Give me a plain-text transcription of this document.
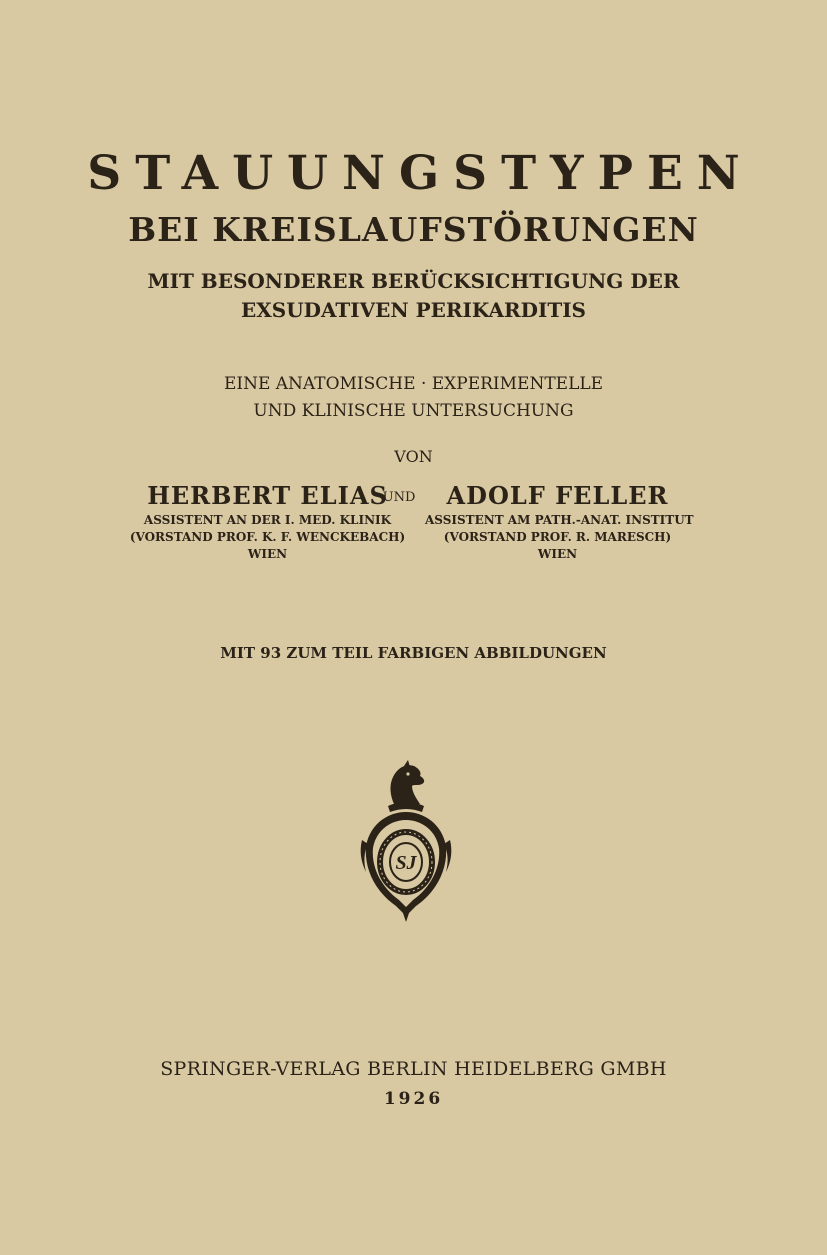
STAUUNGSTYPEN
BEI KREISLAUFSTÖRUNGEN
MIT BESONDERER BERÜCKSICHTIGUNG DER
EXSUDATIVEN PERIKARDITIS
EINE ANATOMISCHE · EXPERIMENTELLE
UND KLINISCHE UNTERSUCHUNG
VON
HERBERT ELIAS
ASSISTENT AN DER I. MED. KLINIK
(VORSTAND PROF. K. F. WENCKEBACH)
WIEN
UND	ADOLF FELLER
ASSISTENT AM PATH.-ANAT. INSTITUT
(VORSTAND PROF. R. MARESCH)
WIEN
MIT 93 ZUM TEIL FARBIGEN ABBILDUNGEN
SJ
SPRINGER-VERLAG BERLIN HEIDELBERG GMBH
1926
